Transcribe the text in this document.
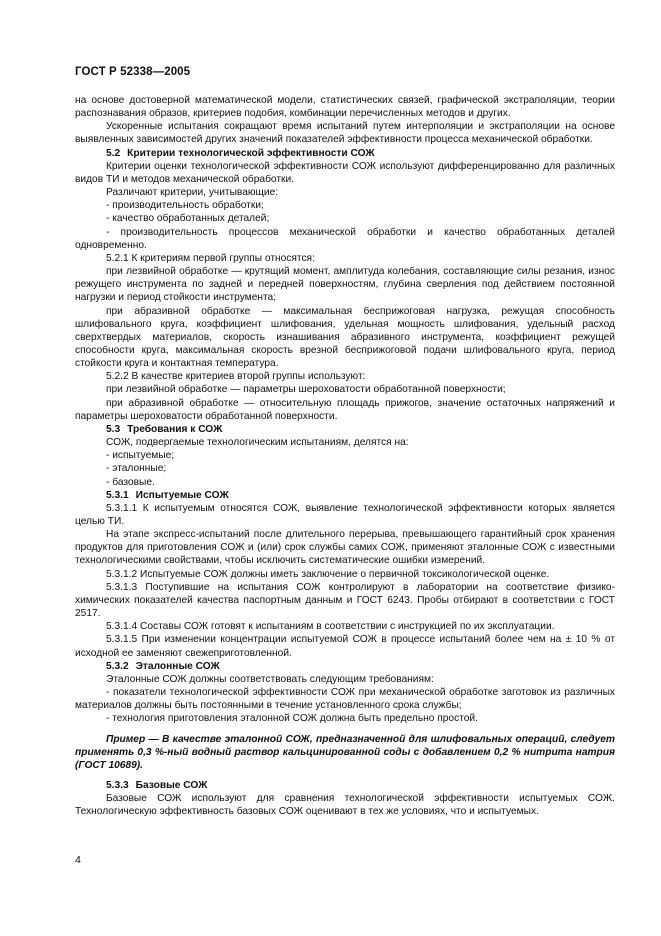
ГОСТ Р 52338—2005

на основе достоверной математической модели, статистических связей, графической экстраполяции, теории распознавания образов, критериев подобия, комбинации перечисленных методов и других.

Ускоренные испытания сокращают время испытаний путем интерполяции и экстраполяции на основе выявленных зависимостей других значений показателей эффективности процесса механической обработки.

5.2 Критерии технологической эффективности СОЖ

Критерии оценки технологической эффективности СОЖ используют дифференцированно для различных видов ТИ и методов механической обработки.

Различают критерии, учитывающие:

- производительность обработки;

- качество обработанных деталей;

- производительность процессов механической обработки и качество обработанных деталей одновременно.

5.2.1 К критериям первой группы относятся:

при лезвийной обработке — крутящий момент, амплитуда колебания, составляющие силы резания, износ режущего инструмента по задней и передней поверхностям, глубина сверления под действием постоянной нагрузки и период стойкости инструмента;

при абразивной обработке — максимальная бесприжоговая нагрузка, режущая способность шлифовального круга, коэффициент шлифования, удельная мощность шлифования, удельный расход сверхтвердых материалов, скорость изнашивания абразивного инструмента, коэффициент режущей способности круга, максимальная скорость врезной бесприжоговой подачи шлифовального круга, период стойкости круга и контактная температура.

5.2.2 В качестве критериев второй группы используют:

при лезвийной обработке — параметры шероховатости обработанной поверхности;

при абразивной обработке — относительную площадь прижогов, значение остаточных напряжений и параметры шероховатости обработанной поверхности.

5.3 Требования к СОЖ

СОЖ, подвергаемые технологическим испытаниям, делятся на:

- испытуемые;

- эталонные;

- базовые.

5.3.1 Испытуемые СОЖ

5.3.1.1 К испытуемым относятся СОЖ, выявление технологической эффективности которых является целью ТИ.

На этапе экспресс-испытаний после длительного перерыва, превышающего гарантийный срок хранения продуктов для приготовления СОЖ и (или) срок службы самих СОЖ, применяют эталонные СОЖ с известными технологическими свойствами, чтобы исключить систематические ошибки измерений.

5.3.1.2 Испытуемые СОЖ должны иметь заключение о первичной токсикологической оценке.

5.3.1.3 Поступившие на испытания СОЖ контролируют в лаборатории на соответствие физико-химических показателей качества паспортным данным и ГОСТ 6243. Пробы отбирают в соответствии с ГОСТ 2517.

5.3.1.4 Составы СОЖ готовят к испытаниям в соответствии с инструкцией по их эксплуатации.

5.3.1.5 При изменении концентрации испытуемой СОЖ в процессе испытаний более чем на ± 10 % от исходной ее заменяют свежеприготовленной.

5.3.2 Эталонные СОЖ

Эталонные СОЖ должны соответствовать следующим требованиям:

- показатели технологической эффективности СОЖ при механической обработке заготовок из различных материалов должны быть постоянными в течение установленного срока службы;

- технология приготовления эталонной СОЖ должна быть предельно простой.

Пример — В качестве эталонной СОЖ, предназначенной для шлифовальных операций, следует применять 0,3 %-ный водный раствор кальцинированной соды с добавлением 0,2 % нитрита натрия (ГОСТ 10689).

5.3.3 Базовые СОЖ

Базовые СОЖ используют для сравнения технологической эффективности испытуемых СОЖ. Технологическую эффективность базовых СОЖ оценивают в тех же условиях, что и испытуемых.

4
